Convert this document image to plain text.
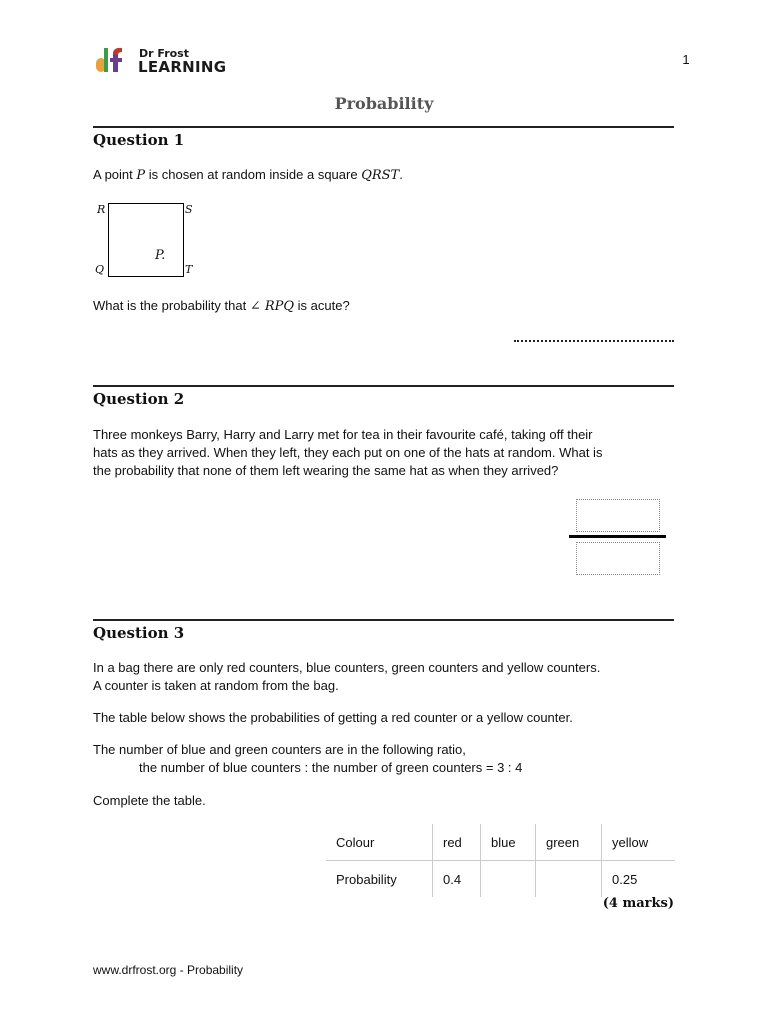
Dr Frost
LEARNING	1
Probability
Question 1
A point P is chosen at random inside a square QRST.
R	S
Q	T
P.
What is the probability that ∠ RPQ is acute?
Question 2
Three monkeys Barry, Harry and Larry met for tea in their favourite café, taking off their
hats as they arrived. When they left, they each put on one of the hats at random. What is
the probability that none of them left wearing the same hat as when they arrived?
Question 3
In a bag there are only red counters, blue counters, green counters and yellow counters.
A counter is taken at random from the bag.
The table below shows the probabilities of getting a red counter or a yellow counter.
The number of blue and green counters are in the following ratio,
the number of blue counters : the number of green counters = 3 : 4
Complete the table.
Colour	red	blue	green	yellow
Probability	0.4			0.25
(4 marks)
www.drfrost.org - Probability
